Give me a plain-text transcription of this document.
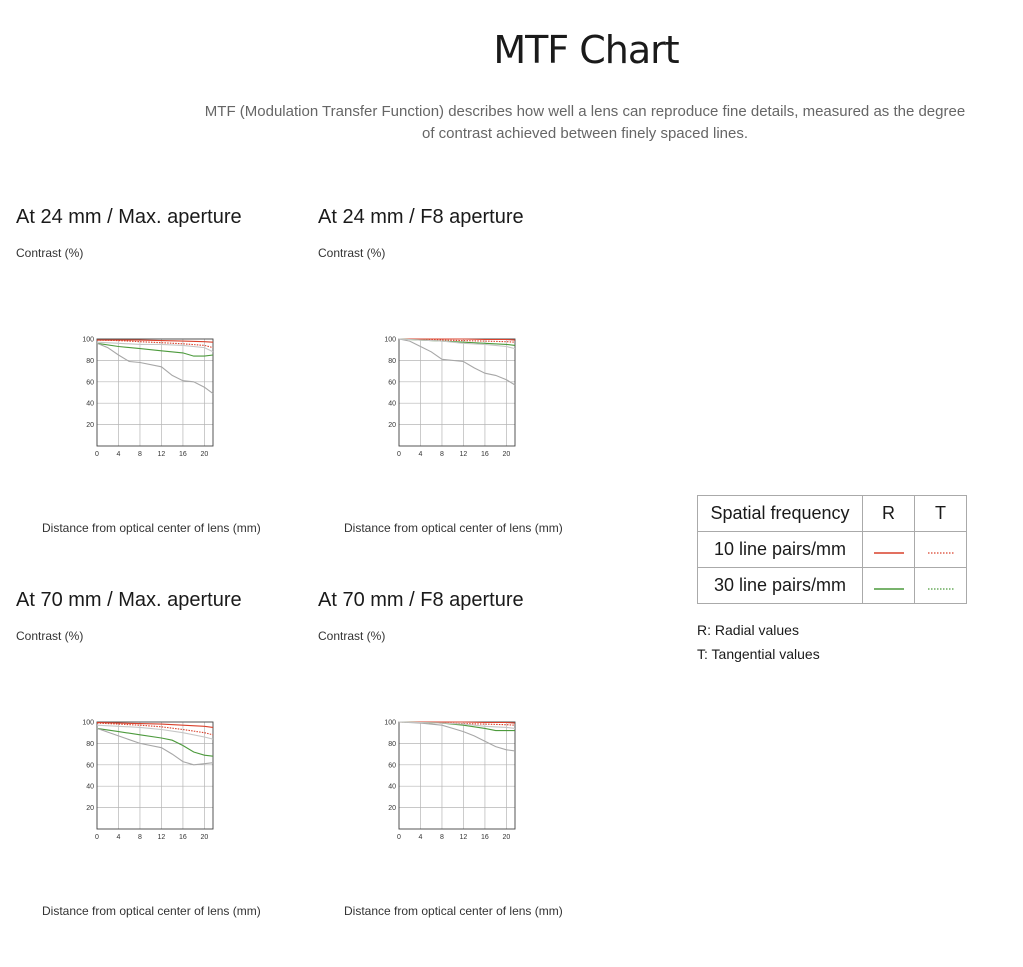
MTF Chart
MTF (Modulation Transfer Function) describes how well a lens can reproduce fine details, measured as the degree of contrast achieved between finely spaced lines.
At 24 mm / Max. aperture
Contrast (%)
20
40
60
80
100
0	4	8 12 16 20
Distance from optical center of lens (mm)
At 24 mm / F8 aperture
Contrast (%)
20
40
60
80
100
0	4	8 12 16 20
Distance from optical center of lens (mm)
At 70 mm / Max. aperture
Contrast (%)
20
40
60
80
100
0	4	8 12 16 20
Distance from optical center of lens (mm)
At 70 mm / F8 aperture
Contrast (%)
20
40
60
80
100
0	4	8 12 16 20
Distance from optical center of lens (mm)
Spatial frequency	R	T
10 line pairs/mm		
30 line pairs/mm		
R: Radial values
T: Tangential values
